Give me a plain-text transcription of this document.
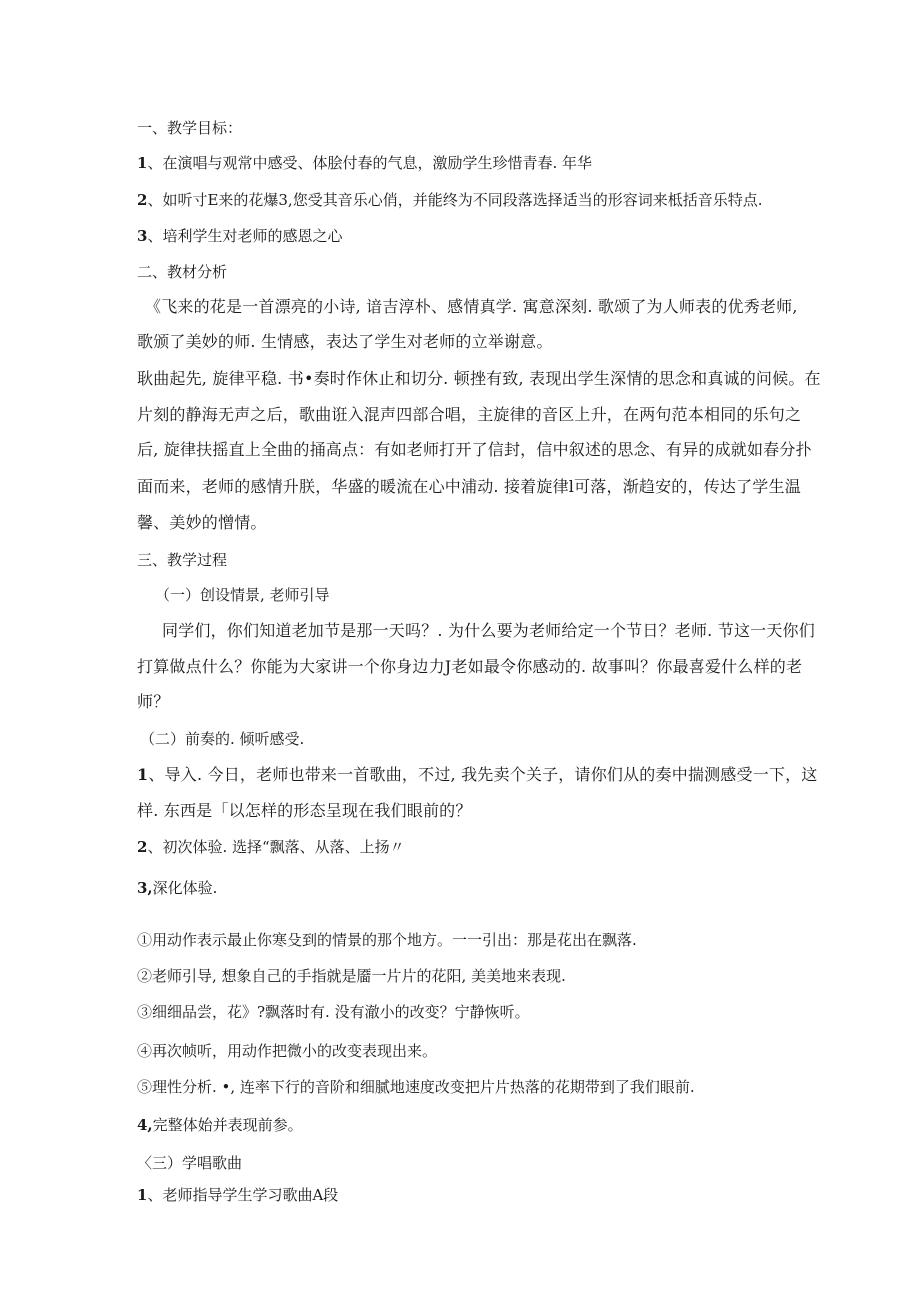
一、教学目标：
1、在演唱与观常中感受、体脍付春的气息，激励学生珍惜青春. 年华
2、如听寸E来的花爆3,您受其音乐心俏，并能终为不同段落选择适当的形容词来柢括音乐特点.
3、培利学生对老师的感恩之心
二、教材分析
《飞来的花是一首漂亮的小诗, 谙吉淳朴、感情真学. 寓意深刻. 歌颂了为人师表的优秀老师,
歌颁了美妙的师. 生情感，表达了学生对老师的立举谢意。
耿曲起先, 旋律平稳. 书•奏时作休止和切分. 顿挫有致, 表现出学生深情的思念和真诚的问候。在
片刻的静海无声之后，歌曲诳入混声四部合唱，主旋律的音区上升，在两句范本相同的乐句之
后, 旋律扶摇直上全曲的捅高点：有如老师打开了信封，信中叙述的思念、有异的成就如春分扑
面而来，老师的感情升朕，华盛的暖流在心中浦动. 接着旋律l可落，渐趋安的，传达了学生温
馨、美妙的憎情。
三、教学过程
（一）创设情景, 老师引导
同学们，你们知道老加节是那一天吗？. 为什么要为老师给定一个节日？老师. 节这一天你们
打算做点什么？你能为大家讲一个你身边力J老如最令你感动的. 故事叫？你最喜爱什么样的老
师？
（二）前奏的. 倾听感受.
1、导入. 今日，老师也带来一首歌曲，不过, 我先卖个关子，请你们从的奏中揣测感受一下，这
样. 东西是「以怎样的形态呈现在我们眼前的？
2、初次体验. 选择“飘落、从落、上扬〃
3,深化体验.
①用动作表示最止你寒殳到的情景的那个地方。一一引出：那是花出在飘落.
②老师引导, 想象自己的手指就是靥一片片的花阳, 美美地来表现.
③细细品尝，花》?飘落时有. 没有澈小的改变？宁静恢听。
④再次帧听，用动作把微小的改变表现出来。
⑤理性分析. •, 连率下行的音阶和细腻地速度改变把片片热落的花期带到了我们眼前.
4,完整体始并表现前参。
〈三）学唱歌曲
1、老师指导学生学习歌曲A段
